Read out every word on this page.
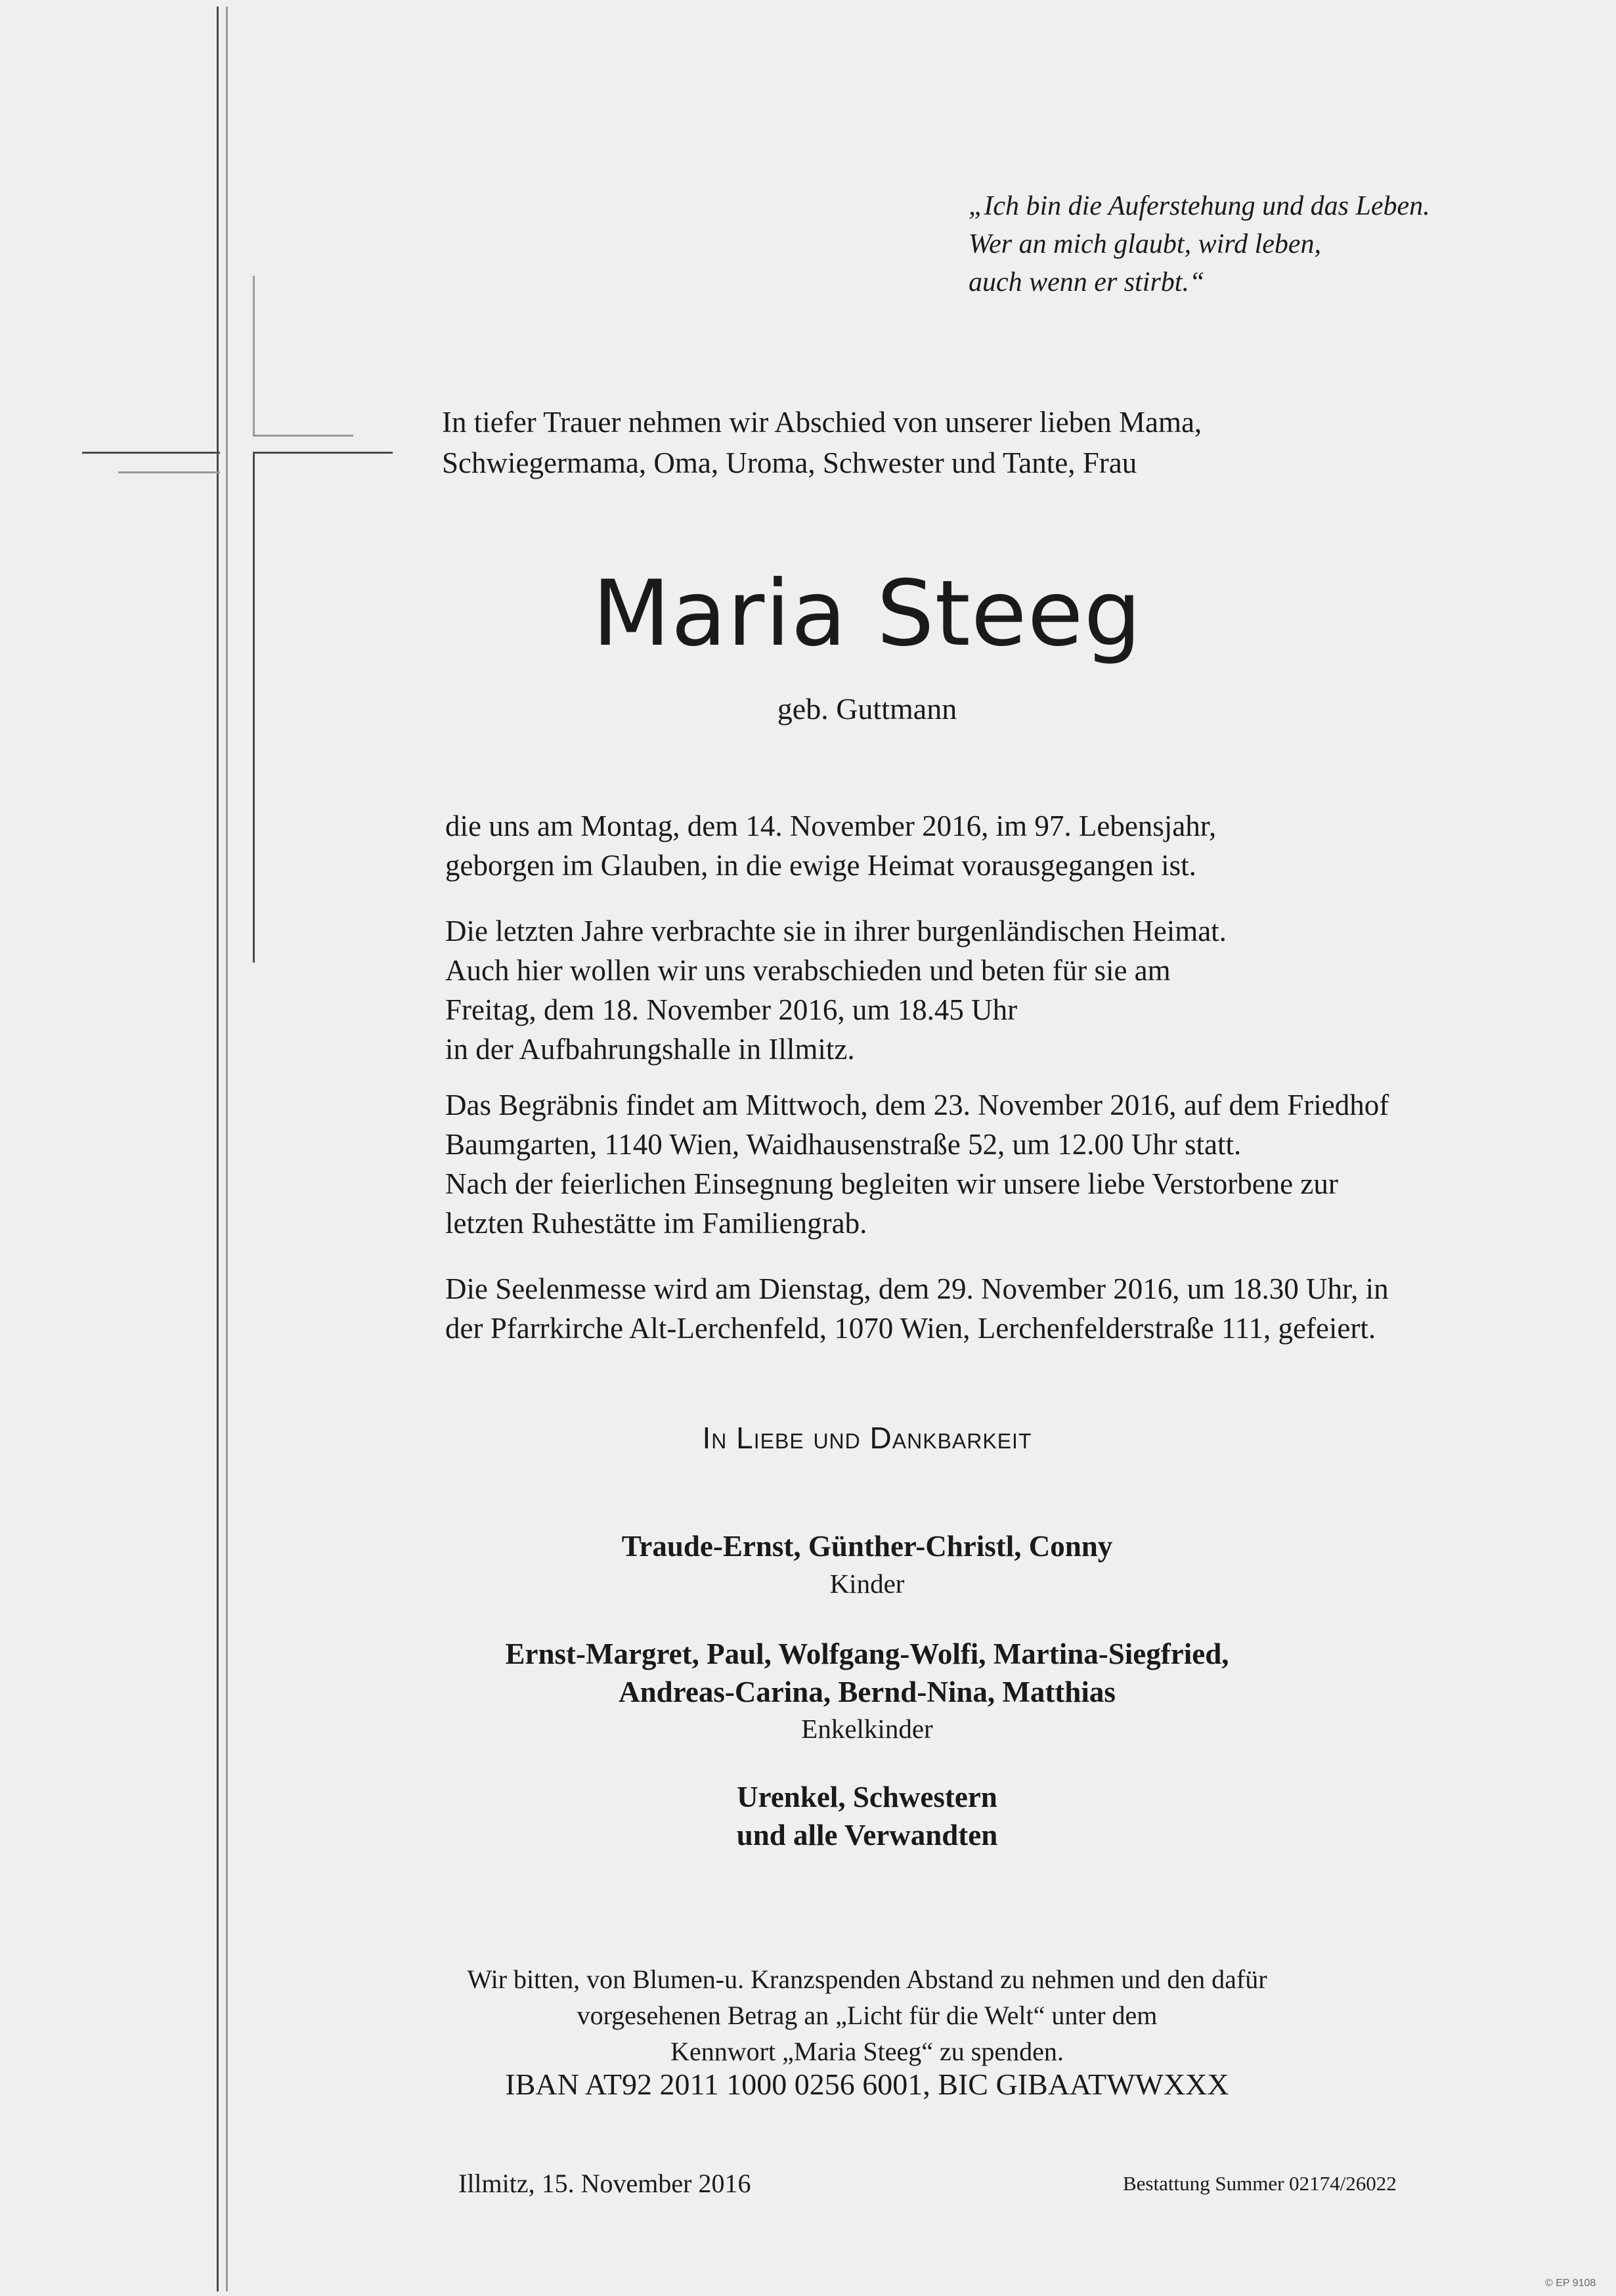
„Ich bin die Auferstehung und das Leben.
Wer an mich glaubt, wird leben,
auch wenn er stirbt.“
In tiefer Trauer nehmen wir Abschied von unserer lieben Mama,
Schwiegermama, Oma, Uroma, Schwester und Tante, Frau
Maria Steeg
geb. Guttmann
die uns am Montag, dem 14. November 2016, im 97. Lebensjahr,
geborgen im Glauben, in die ewige Heimat vorausgegangen ist.
Die letzten Jahre verbrachte sie in ihrer burgenländischen Heimat.
Auch hier wollen wir uns verabschieden und beten für sie am
Freitag, dem 18. November 2016, um 18.45 Uhr
in der Aufbahrungshalle in Illmitz.
Das Begräbnis findet am Mittwoch, dem 23. November 2016, auf dem Friedhof
Baumgarten, 1140 Wien, Waidhausenstraße 52, um 12.00 Uhr statt.
Nach der feierlichen Einsegnung begleiten wir unsere liebe Verstorbene zur
letzten Ruhestätte im Familiengrab.
Die Seelenmesse wird am Dienstag, dem 29. November 2016, um 18.30 Uhr, in
der Pfarrkirche Alt-Lerchenfeld, 1070 Wien, Lerchenfelderstraße 111, gefeiert.
In Liebe und Dankbarkeit
Traude-Ernst, Günther-Christl, Conny
Kinder
Ernst-Margret, Paul, Wolfgang-Wolfi, Martina-Siegfried,
Andreas-Carina, Bernd-Nina, Matthias
Enkelkinder
Urenkel, Schwestern
und alle Verwandten
Wir bitten, von Blumen-u. Kranzspenden Abstand zu nehmen und den dafür
vorgesehenen Betrag an „Licht für die Welt“ unter dem
Kennwort „Maria Steeg“ zu spenden.
IBAN AT92 2011 1000 0256 6001, BIC GIBAATWWXXX
Illmitz, 15. November 2016	Bestattung Summer 02174/26022
© EP 9108
